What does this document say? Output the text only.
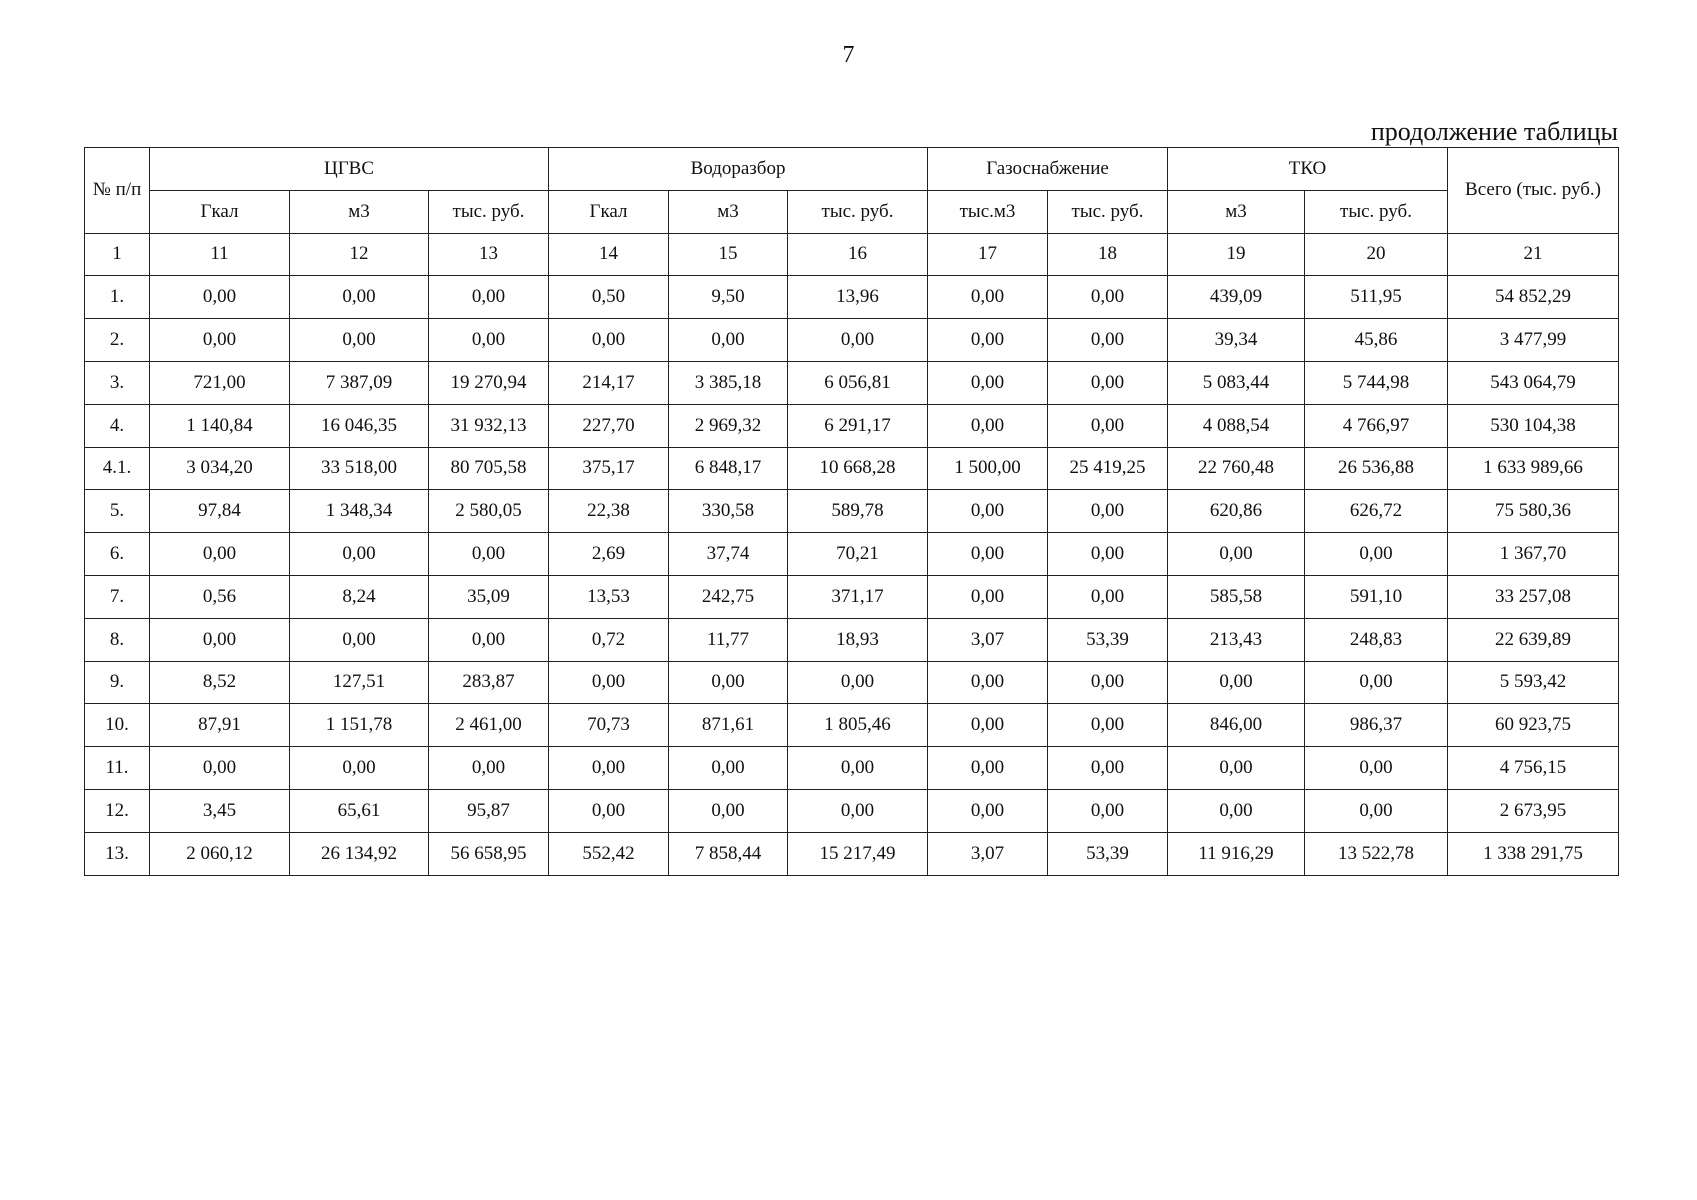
7
продолжение таблицы
№ п/п	ЦГВС			Водоразбор			Газоснабжение		ТКО		Всего (тыс. руб.)
	Гкал	м3	тыс. руб.	Гкал	м3	тыс. руб.	тыс.м3	тыс. руб.	м3	тыс. руб.	
1	11	12	13	14	15	16	17	18	19	20	21
1.	0,00	0,00	0,00	0,50	9,50	13,96	0,00	0,00	439,09	511,95	54 852,29
2.	0,00	0,00	0,00	0,00	0,00	0,00	0,00	0,00	39,34	45,86	3 477,99
3.	721,00	7 387,09	19 270,94	214,17	3 385,18	6 056,81	0,00	0,00	5 083,44	5 744,98	543 064,79
4.	1 140,84	16 046,35	31 932,13	227,70	2 969,32	6 291,17	0,00	0,00	4 088,54	4 766,97	530 104,38
4.1.	3 034,20	33 518,00	80 705,58	375,17	6 848,17	10 668,28	1 500,00	25 419,25	22 760,48	26 536,88	1 633 989,66
5.	97,84	1 348,34	2 580,05	22,38	330,58	589,78	0,00	0,00	620,86	626,72	75 580,36
6.	0,00	0,00	0,00	2,69	37,74	70,21	0,00	0,00	0,00	0,00	1 367,70
7.	0,56	8,24	35,09	13,53	242,75	371,17	0,00	0,00	585,58	591,10	33 257,08
8.	0,00	0,00	0,00	0,72	11,77	18,93	3,07	53,39	213,43	248,83	22 639,89
9.	8,52	127,51	283,87	0,00	0,00	0,00	0,00	0,00	0,00	0,00	5 593,42
10.	87,91	1 151,78	2 461,00	70,73	871,61	1 805,46	0,00	0,00	846,00	986,37	60 923,75
11.	0,00	0,00	0,00	0,00	0,00	0,00	0,00	0,00	0,00	0,00	4 756,15
12.	3,45	65,61	95,87	0,00	0,00	0,00	0,00	0,00	0,00	0,00	2 673,95
13.	2 060,12	26 134,92	56 658,95	552,42	7 858,44	15 217,49	3,07	53,39	11 916,29	13 522,78	1 338 291,75
